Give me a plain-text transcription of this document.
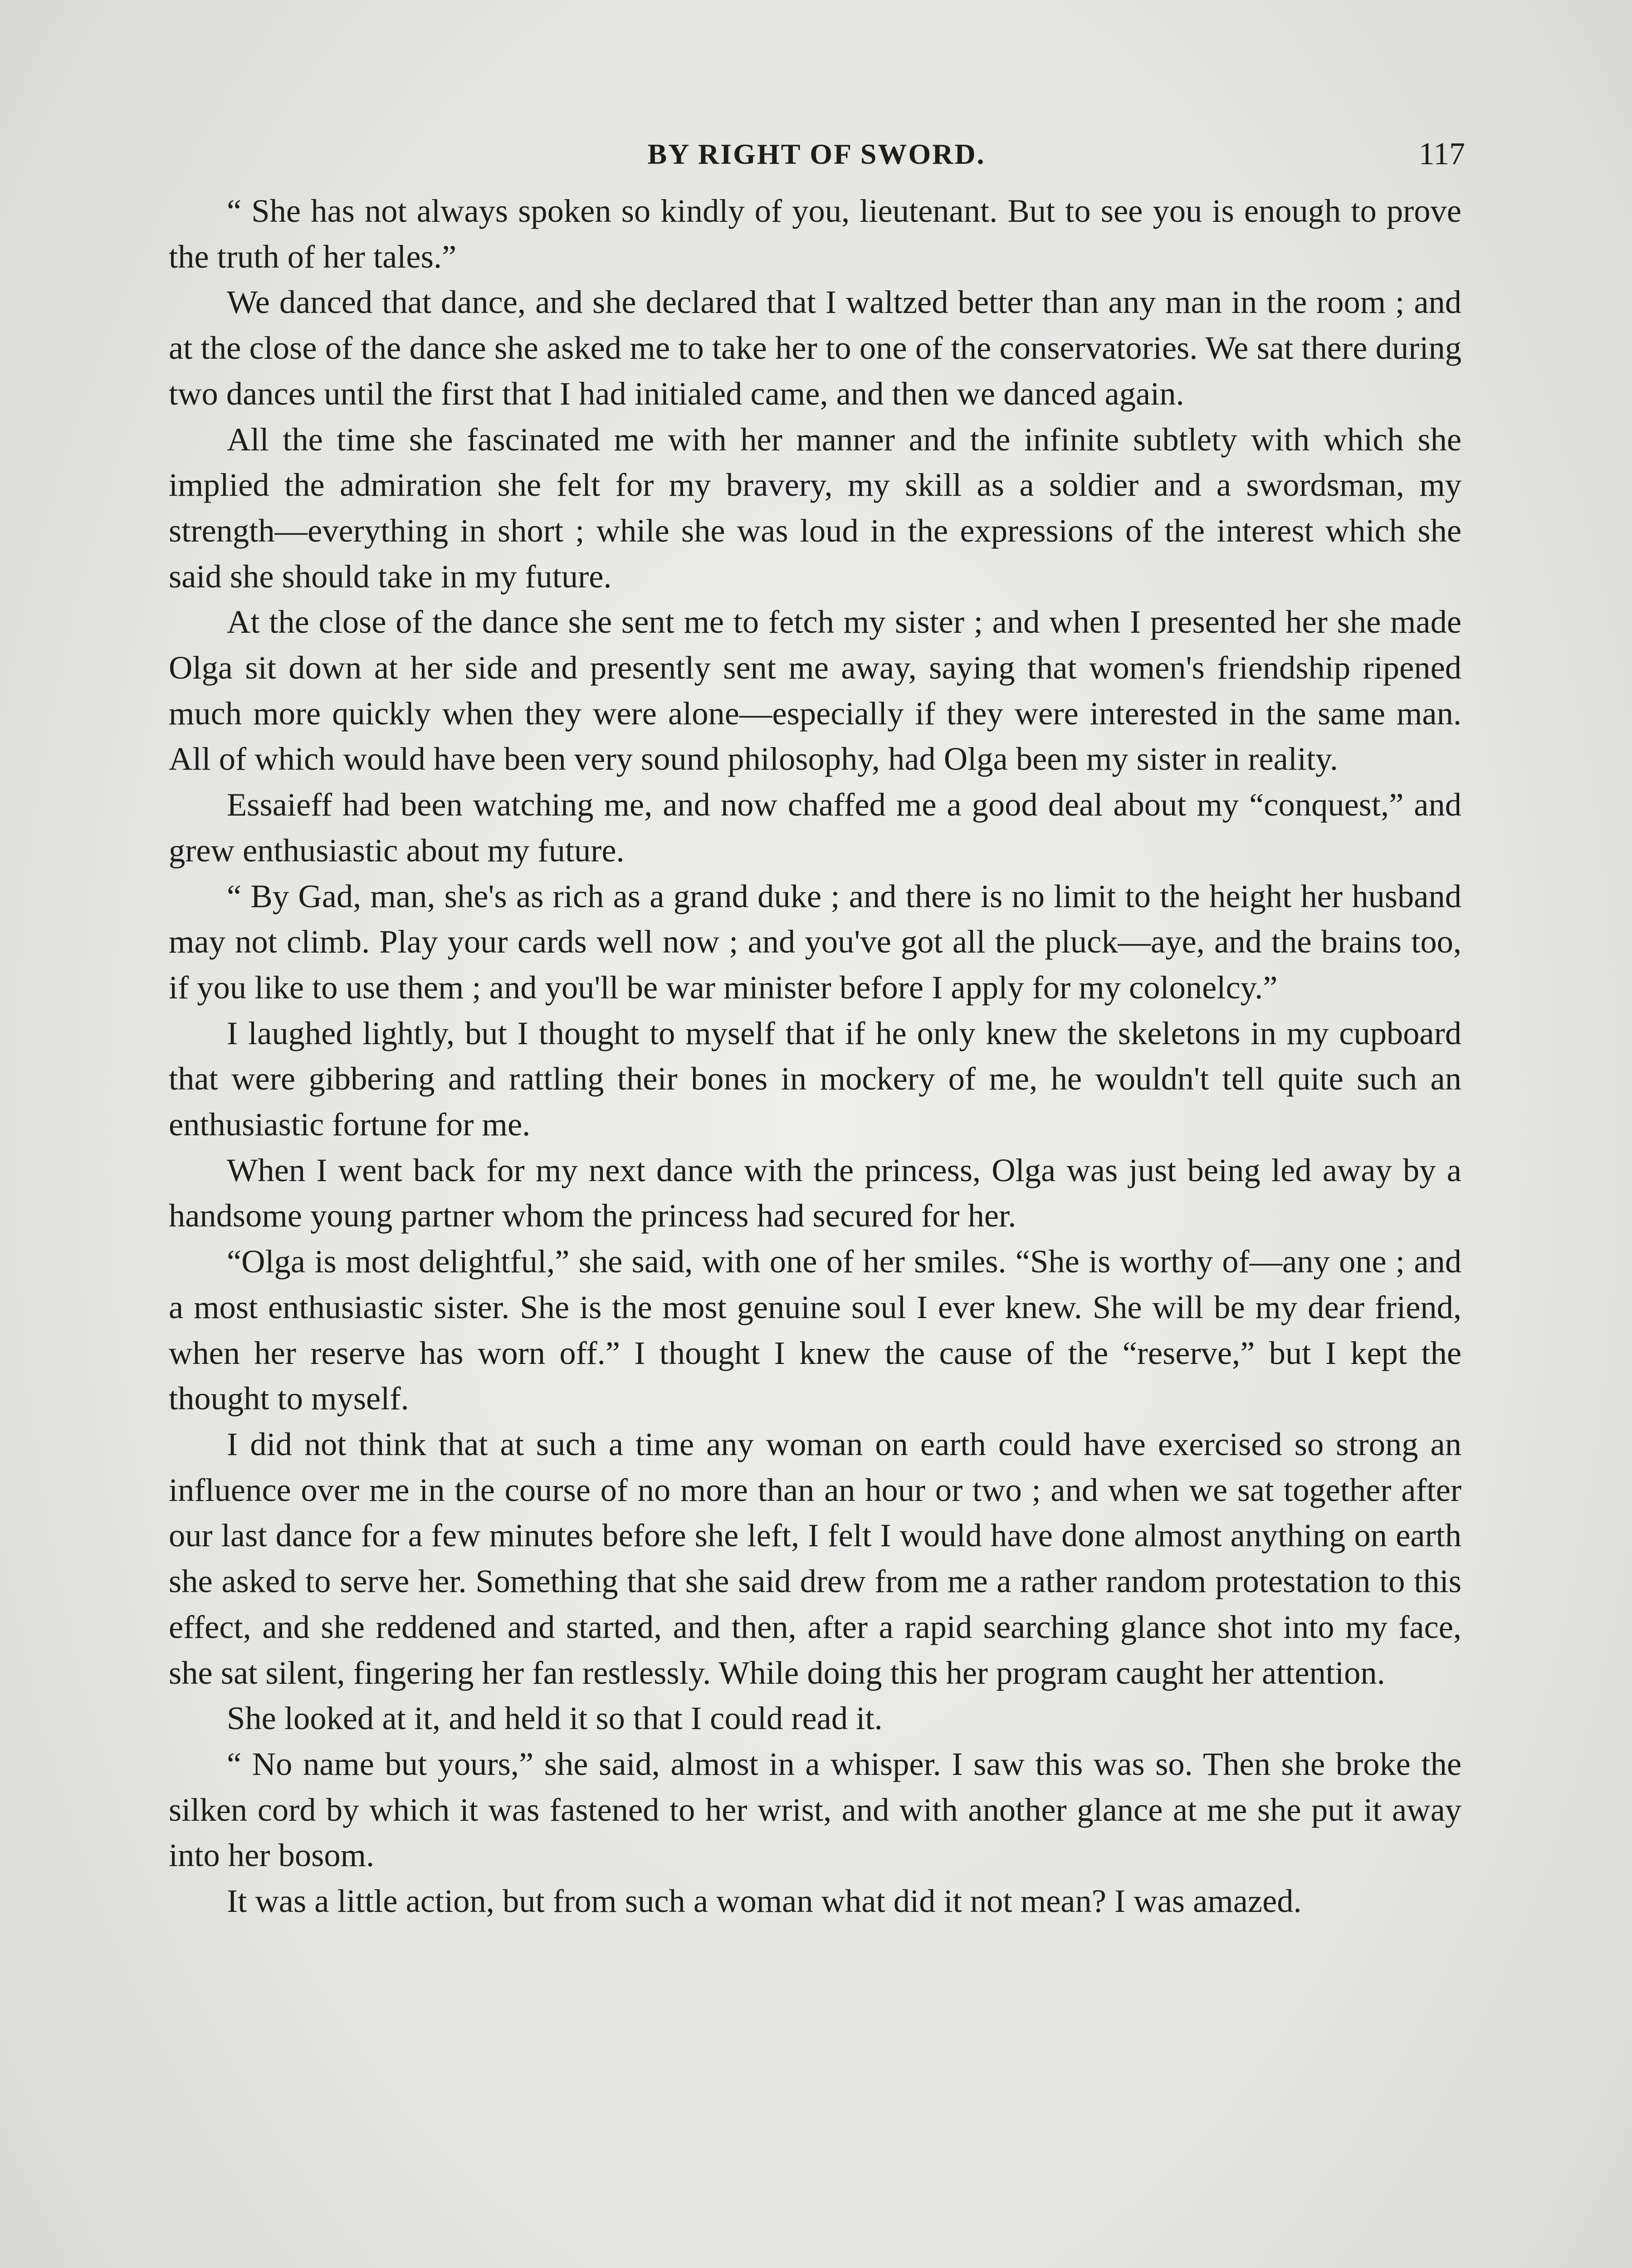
BY RIGHT OF SWORD.	117

“ She has not always spoken so kindly of you, lieutenant. But to see you is enough to prove the truth of her tales.”

We danced that dance, and she declared that I waltzed better than any man in the room ; and at the close of the dance she asked me to take her to one of the conservatories. We sat there during two dances until the first that I had initialed came, and then we danced again.

All the time she fascinated me with her manner and the infinite subtlety with which she implied the admiration she felt for my bravery, my skill as a soldier and a swordsman, my strength—everything in short ; while she was loud in the expressions of the interest which she said she should take in my future.

At the close of the dance she sent me to fetch my sister ; and when I presented her she made Olga sit down at her side and presently sent me away, saying that women's friendship ripened much more quickly when they were alone—especially if they were interested in the same man. All of which would have been very sound philosophy, had Olga been my sister in reality.

Essaieff had been watching me, and now chaffed me a good deal about my “conquest,” and grew enthusiastic about my future.

“ By Gad, man, she's as rich as a grand duke ; and there is no limit to the height her husband may not climb. Play your cards well now ; and you've got all the pluck—aye, and the brains too, if you like to use them ; and you'll be war minister before I apply for my colonelcy.”

I laughed lightly, but I thought to myself that if he only knew the skeletons in my cupboard that were gibbering and rattling their bones in mockery of me, he wouldn't tell quite such an enthusiastic fortune for me.

When I went back for my next dance with the princess, Olga was just being led away by a handsome young partner whom the princess had secured for her.

“Olga is most delightful,” she said, with one of her smiles. “She is worthy of—any one ; and a most enthusiastic sister. She is the most genuine soul I ever knew. She will be my dear friend, when her reserve has worn off.” I thought I knew the cause of the “reserve,” but I kept the thought to myself.

I did not think that at such a time any woman on earth could have exercised so strong an influence over me in the course of no more than an hour or two ; and when we sat together after our last dance for a few minutes before she left, I felt I would have done almost anything on earth she asked to serve her. Something that she said drew from me a rather random protestation to this effect, and she reddened and started, and then, after a rapid searching glance shot into my face, she sat silent, fingering her fan restlessly. While doing this her program caught her attention.

She looked at it, and held it so that I could read it.

“ No name but yours,” she said, almost in a whisper. I saw this was so. Then she broke the silken cord by which it was fastened to her wrist, and with another glance at me she put it away into her bosom.

It was a little action, but from such a woman what did it not mean? I was amazed.
